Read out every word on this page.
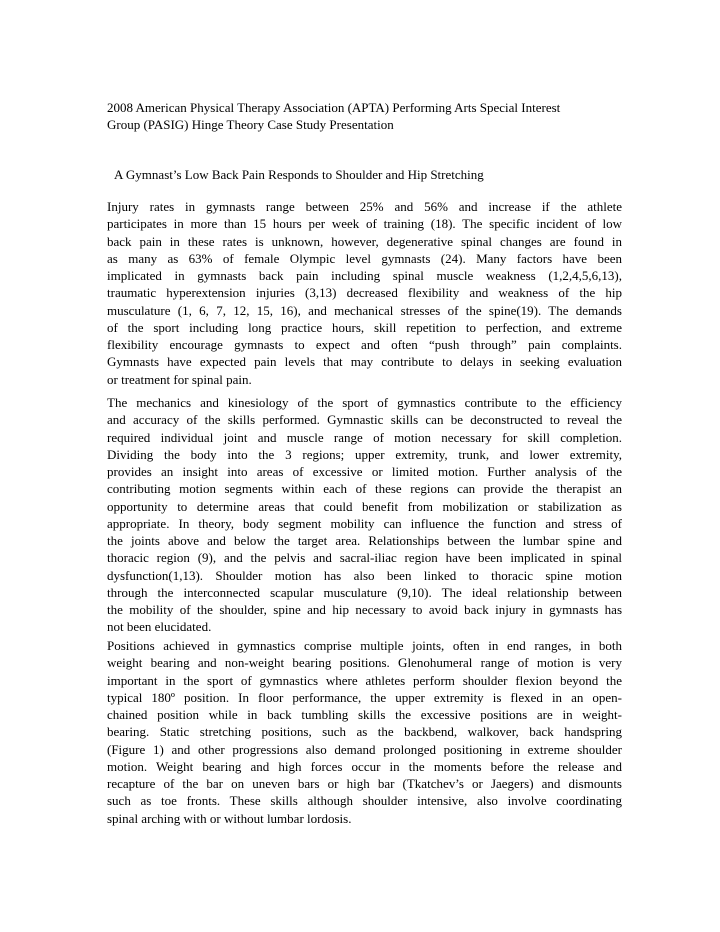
2008 American Physical Therapy Association (APTA) Performing Arts Special Interest
Group (PASIG) Hinge Theory Case Study Presentation
A Gymnast’s Low Back Pain Responds to Shoulder and Hip Stretching
Injury rates in gymnasts range between 25% and 56% and increase if the athlete
participates in more than 15 hours per week of training (18). The specific incident of low
back pain in these rates is unknown, however, degenerative spinal changes are found in
as many as 63% of female Olympic level gymnasts (24). Many factors have been
implicated in gymnasts back pain including spinal muscle weakness (1,2,4,5,6,13),
traumatic hyperextension injuries (3,13) decreased flexibility and weakness of the hip
musculature (1, 6, 7, 12, 15, 16), and mechanical stresses of the spine(19). The demands
of the sport including long practice hours, skill repetition to perfection, and extreme
flexibility encourage gymnasts to expect and often “push through” pain complaints.
Gymnasts have expected pain levels that may contribute to delays in seeking evaluation
or treatment for spinal pain.
The mechanics and kinesiology of the sport of gymnastics contribute to the efficiency
and accuracy of the skills performed. Gymnastic skills can be deconstructed to reveal the
required individual joint and muscle range of motion necessary for skill completion.
Dividing the body into the 3 regions; upper extremity, trunk, and lower extremity,
provides an insight into areas of excessive or limited motion. Further analysis of the
contributing motion segments within each of these regions can provide the therapist an
opportunity to determine areas that could benefit from mobilization or stabilization as
appropriate. In theory, body segment mobility can influence the function and stress of
the joints above and below the target area. Relationships between the lumbar spine and
thoracic region (9), and the pelvis and sacral-iliac region have been implicated in spinal
dysfunction(1,13). Shoulder motion has also been linked to thoracic spine motion
through the interconnected scapular musculature (9,10). The ideal relationship between
the mobility of the shoulder, spine and hip necessary to avoid back injury in gymnasts has
not been elucidated.
Positions achieved in gymnastics comprise multiple joints, often in end ranges, in both
weight bearing and non-weight bearing positions. Glenohumeral range of motion is very
important in the sport of gymnastics where athletes perform shoulder flexion beyond the
typical 180º position. In floor performance, the upper extremity is flexed in an open-
chained position while in back tumbling skills the excessive positions are in weight-
bearing. Static stretching positions, such as the backbend, walkover, back handspring
(Figure 1) and other progressions also demand prolonged positioning in extreme shoulder
motion. Weight bearing and high forces occur in the moments before the release and
recapture of the bar on uneven bars or high bar (Tkatchev’s or Jaegers) and dismounts
such as toe fronts. These skills although shoulder intensive, also involve coordinating
spinal arching with or without lumbar lordosis.
